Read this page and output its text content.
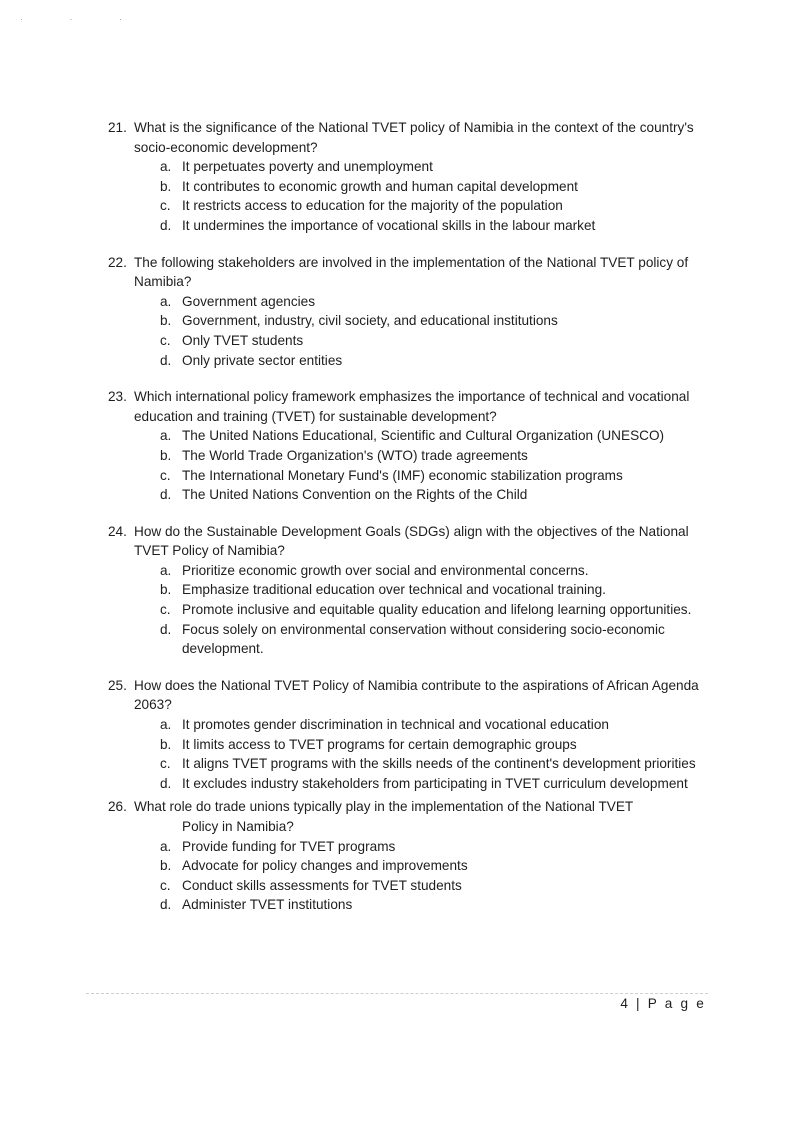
· · ·
21. What is the significance of the National TVET policy of Namibia in the context of the country's socio-economic development?
a. It perpetuates poverty and unemployment
b. It contributes to economic growth and human capital development
c. It restricts access to education for the majority of the population
d. It undermines the importance of vocational skills in the labour market
22. The following stakeholders are involved in the implementation of the National TVET policy of Namibia?
a. Government agencies
b. Government, industry, civil society, and educational institutions
c. Only TVET students
d. Only private sector entities
23. Which international policy framework emphasizes the importance of technical and vocational education and training (TVET) for sustainable development?
a. The United Nations Educational, Scientific and Cultural Organization (UNESCO)
b. The World Trade Organization's (WTO) trade agreements
c. The International Monetary Fund's (IMF) economic stabilization programs
d. The United Nations Convention on the Rights of the Child
24. How do the Sustainable Development Goals (SDGs) align with the objectives of the National TVET Policy of Namibia?
a. Prioritize economic growth over social and environmental concerns.
b. Emphasize traditional education over technical and vocational training.
c. Promote inclusive and equitable quality education and lifelong learning opportunities.
d. Focus solely on environmental conservation without considering socio-economic development.
25. How does the National TVET Policy of Namibia contribute to the aspirations of African Agenda 2063?
a. It promotes gender discrimination in technical and vocational education
b. It limits access to TVET programs for certain demographic groups
c. It aligns TVET programs with the skills needs of the continent's development priorities
d. It excludes industry stakeholders from participating in TVET curriculum development
26. What role do trade unions typically play in the implementation of the National TVET
Policy in Namibia?
a. Provide funding for TVET programs
b. Advocate for policy changes and improvements
c. Conduct skills assessments for TVET students
d. Administer TVET institutions
4 | P a g e
